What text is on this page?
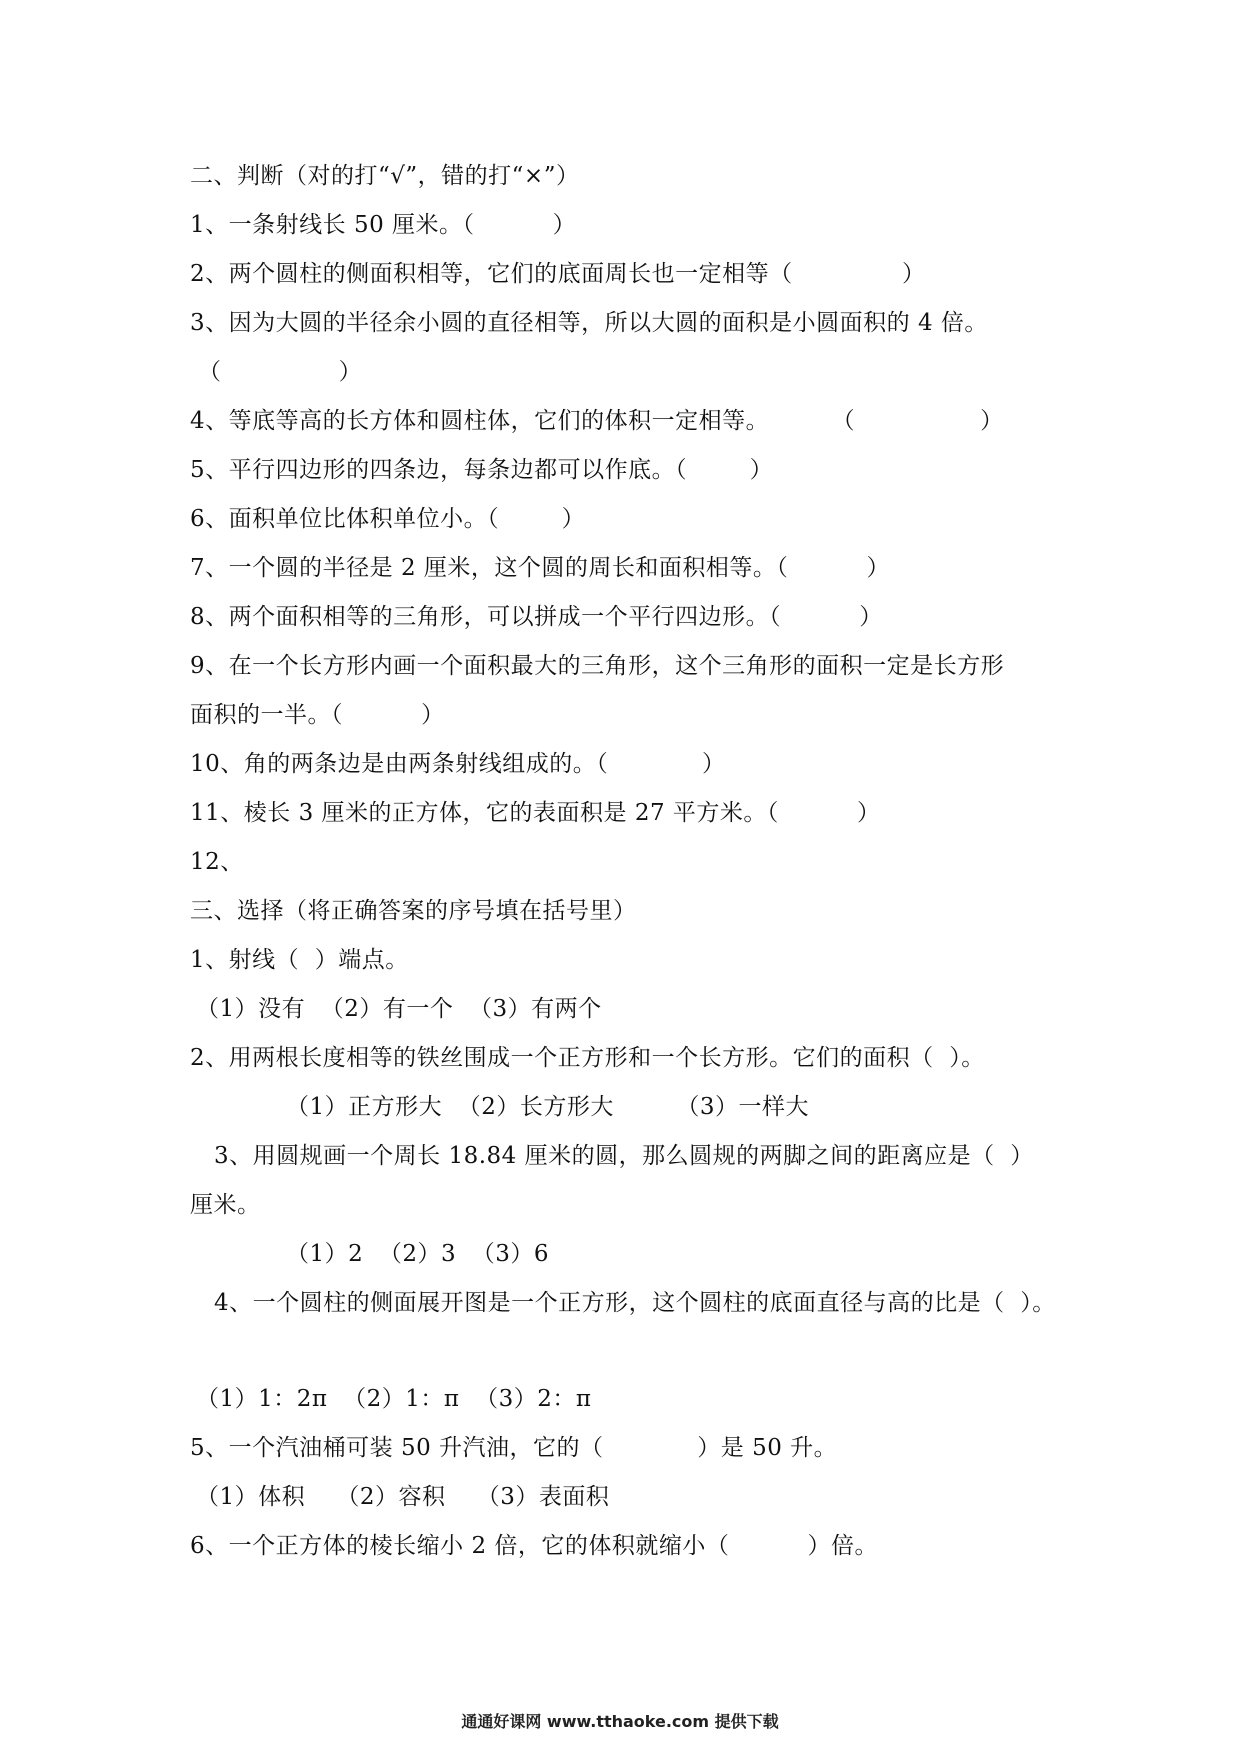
二、判断（对的打“√”，错的打“×”）
1、一条射线长 50 厘米。（          ）
2、两个圆柱的侧面积相等，它们的底面周长也一定相等（              ）
3、因为大圆的半径余小圆的直径相等，所以大圆的面积是小圆面积的 4 倍。
（               ）
4、等底等高的长方体和圆柱体，它们的体积一定相等。        （                ）
5、平行四边形的四条边，每条边都可以作底。（        ）
6、面积单位比体积单位小。（        ）
7、一个圆的半径是 2 厘米，这个圆的周长和面积相等。（          ）
8、两个面积相等的三角形，可以拼成一个平行四边形。（          ）
9、在一个长方形内画一个面积最大的三角形，这个三角形的面积一定是长方形
面积的一半。（          ）
10、角的两条边是由两条射线组成的。（            ）
11、棱长 3 厘米的正方体，它的表面积是 27 平方米。（          ）
12、
三、选择（将正确答案的序号填在括号里）
1、射线（  ）端点。
（1）没有  （2）有一个  （3）有两个
2、用两根长度相等的铁丝围成一个正方形和一个长方形。它们的面积（  ）。
（1）正方形大  （2）长方形大        （3）一样大
3、用圆规画一个周长 18.84 厘米的圆，那么圆规的两脚之间的距离应是（  ）
厘米。
（1）2  （2）3  （3）6
4、一个圆柱的侧面展开图是一个正方形，这个圆柱的底面直径与高的比是（  ）。
（1）1：2π  （2）1：π  （3）2：π
5、一个汽油桶可装 50 升汽油，它的（            ）是 50 升。
（1）体积    （2）容积    （3）表面积
6、一个正方体的棱长缩小 2 倍，它的体积就缩小（          ）倍。
通通好课网 www.tthaoke.com 提供下载
